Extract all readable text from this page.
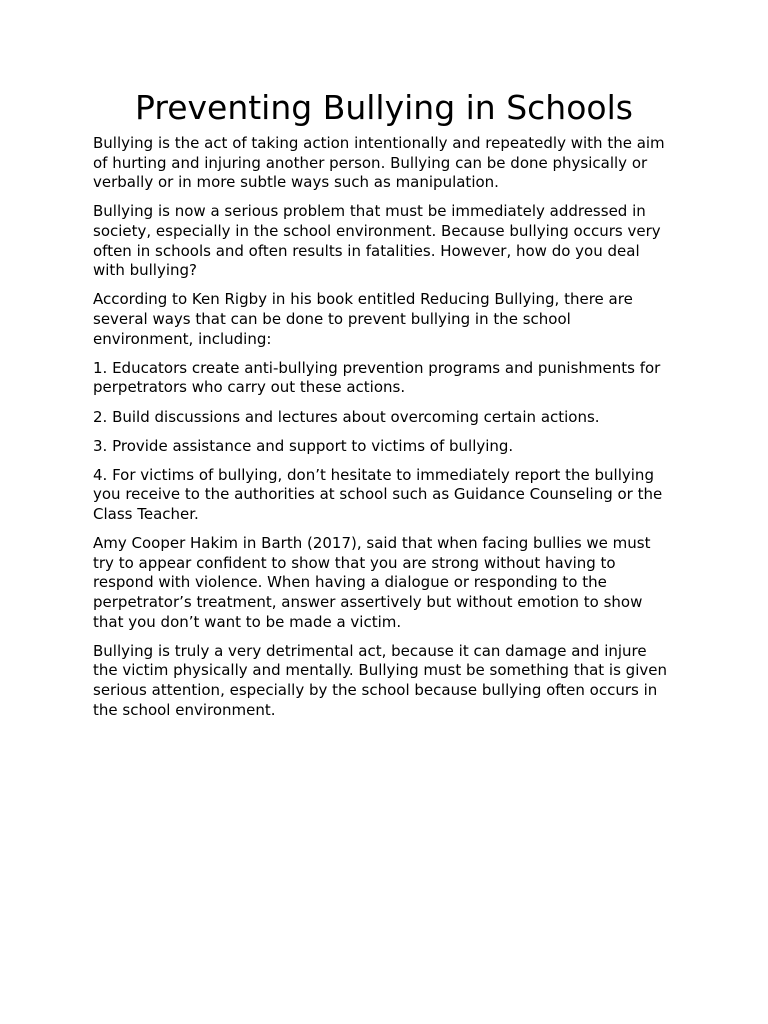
Preventing Bullying in Schools

Bullying is the act of taking action intentionally and repeatedly with the aim of hurting and injuring another person. Bullying can be done physically or verbally or in more subtle ways such as manipulation.

Bullying is now a serious problem that must be immediately addressed in society, especially in the school environment. Because bullying occurs very often in schools and often results in fatalities. However, how do you deal with bullying?

According to Ken Rigby in his book entitled Reducing Bullying, there are several ways that can be done to prevent bullying in the school environment, including:

1. Educators create anti-bullying prevention programs and punishments for perpetrators who carry out these actions.

2. Build discussions and lectures about overcoming certain actions.

3. Provide assistance and support to victims of bullying.

4. For victims of bullying, don’t hesitate to immediately report the bullying you receive to the authorities at school such as Guidance Counseling or the Class Teacher.

Amy Cooper Hakim in Barth (2017), said that when facing bullies we must try to appear confident to show that you are strong without having to respond with violence. When having a dialogue or responding to the perpetrator’s treatment, answer assertively but without emotion to show that you don’t want to be made a victim.

Bullying is truly a very detrimental act, because it can damage and injure the victim physically and mentally. Bullying must be something that is given serious attention, especially by the school because bullying often occurs in the school environment.
